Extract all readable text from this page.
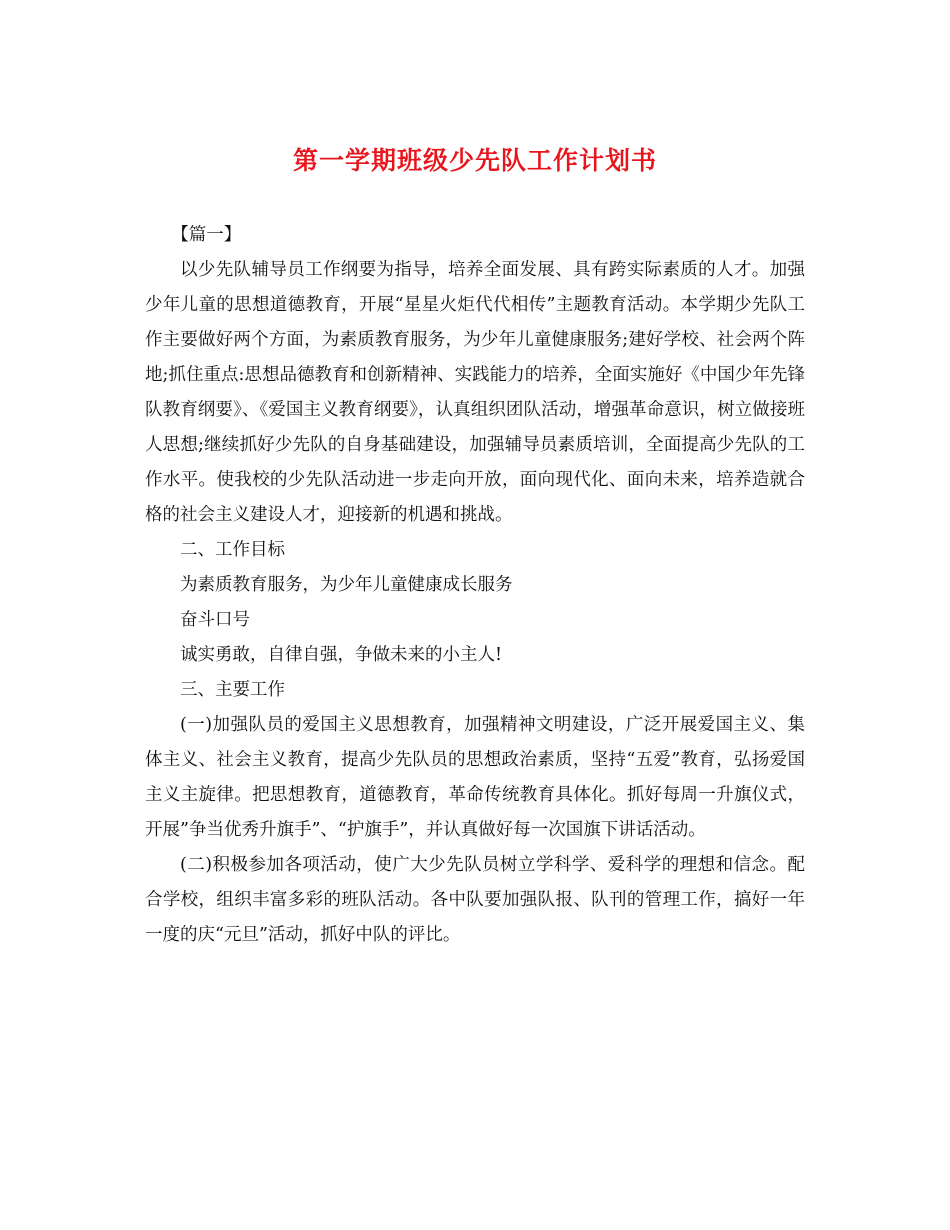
第一学期班级少先队工作计划书

【篇一】

以少先队辅导员工作纲要为指导，培养全面发展、具有跨实际素质的人才。加强少年儿童的思想道德教育，开展“星星火炬代代相传”主题教育活动。本学期少先队工作主要做好两个方面，为素质教育服务，为少年儿童健康服务;建好学校、社会两个阵地;抓住重点:思想品德教育和创新精神、实践能力的培养，全面实施好《中国少年先锋队教育纲要》、《爱国主义教育纲要》，认真组织团队活动，增强革命意识，树立做接班人思想;继续抓好少先队的自身基础建设，加强辅导员素质培训，全面提高少先队的工作水平。使我校的少先队活动进一步走向开放，面向现代化、面向未来，培养造就合格的社会主义建设人才，迎接新的机遇和挑战。

二、工作目标

为素质教育服务，为少年儿童健康成长服务

奋斗口号

诚实勇敢，自律自强，争做未来的小主人!

三、主要工作

(一)加强队员的爱国主义思想教育，加强精神文明建设，广泛开展爱国主义、集体主义、社会主义教育，提高少先队员的思想政治素质，坚持“五爱”教育，弘扬爱国主义主旋律。把思想教育，道德教育，革命传统教育具体化。抓好每周一升旗仪式，开展”争当优秀升旗手”、“护旗手”，并认真做好每一次国旗下讲话活动。

(二)积极参加各项活动，使广大少先队员树立学科学、爱科学的理想和信念。配合学校，组织丰富多彩的班队活动。各中队要加强队报、队刊的管理工作，搞好一年一度的庆“元旦”活动，抓好中队的评比。
